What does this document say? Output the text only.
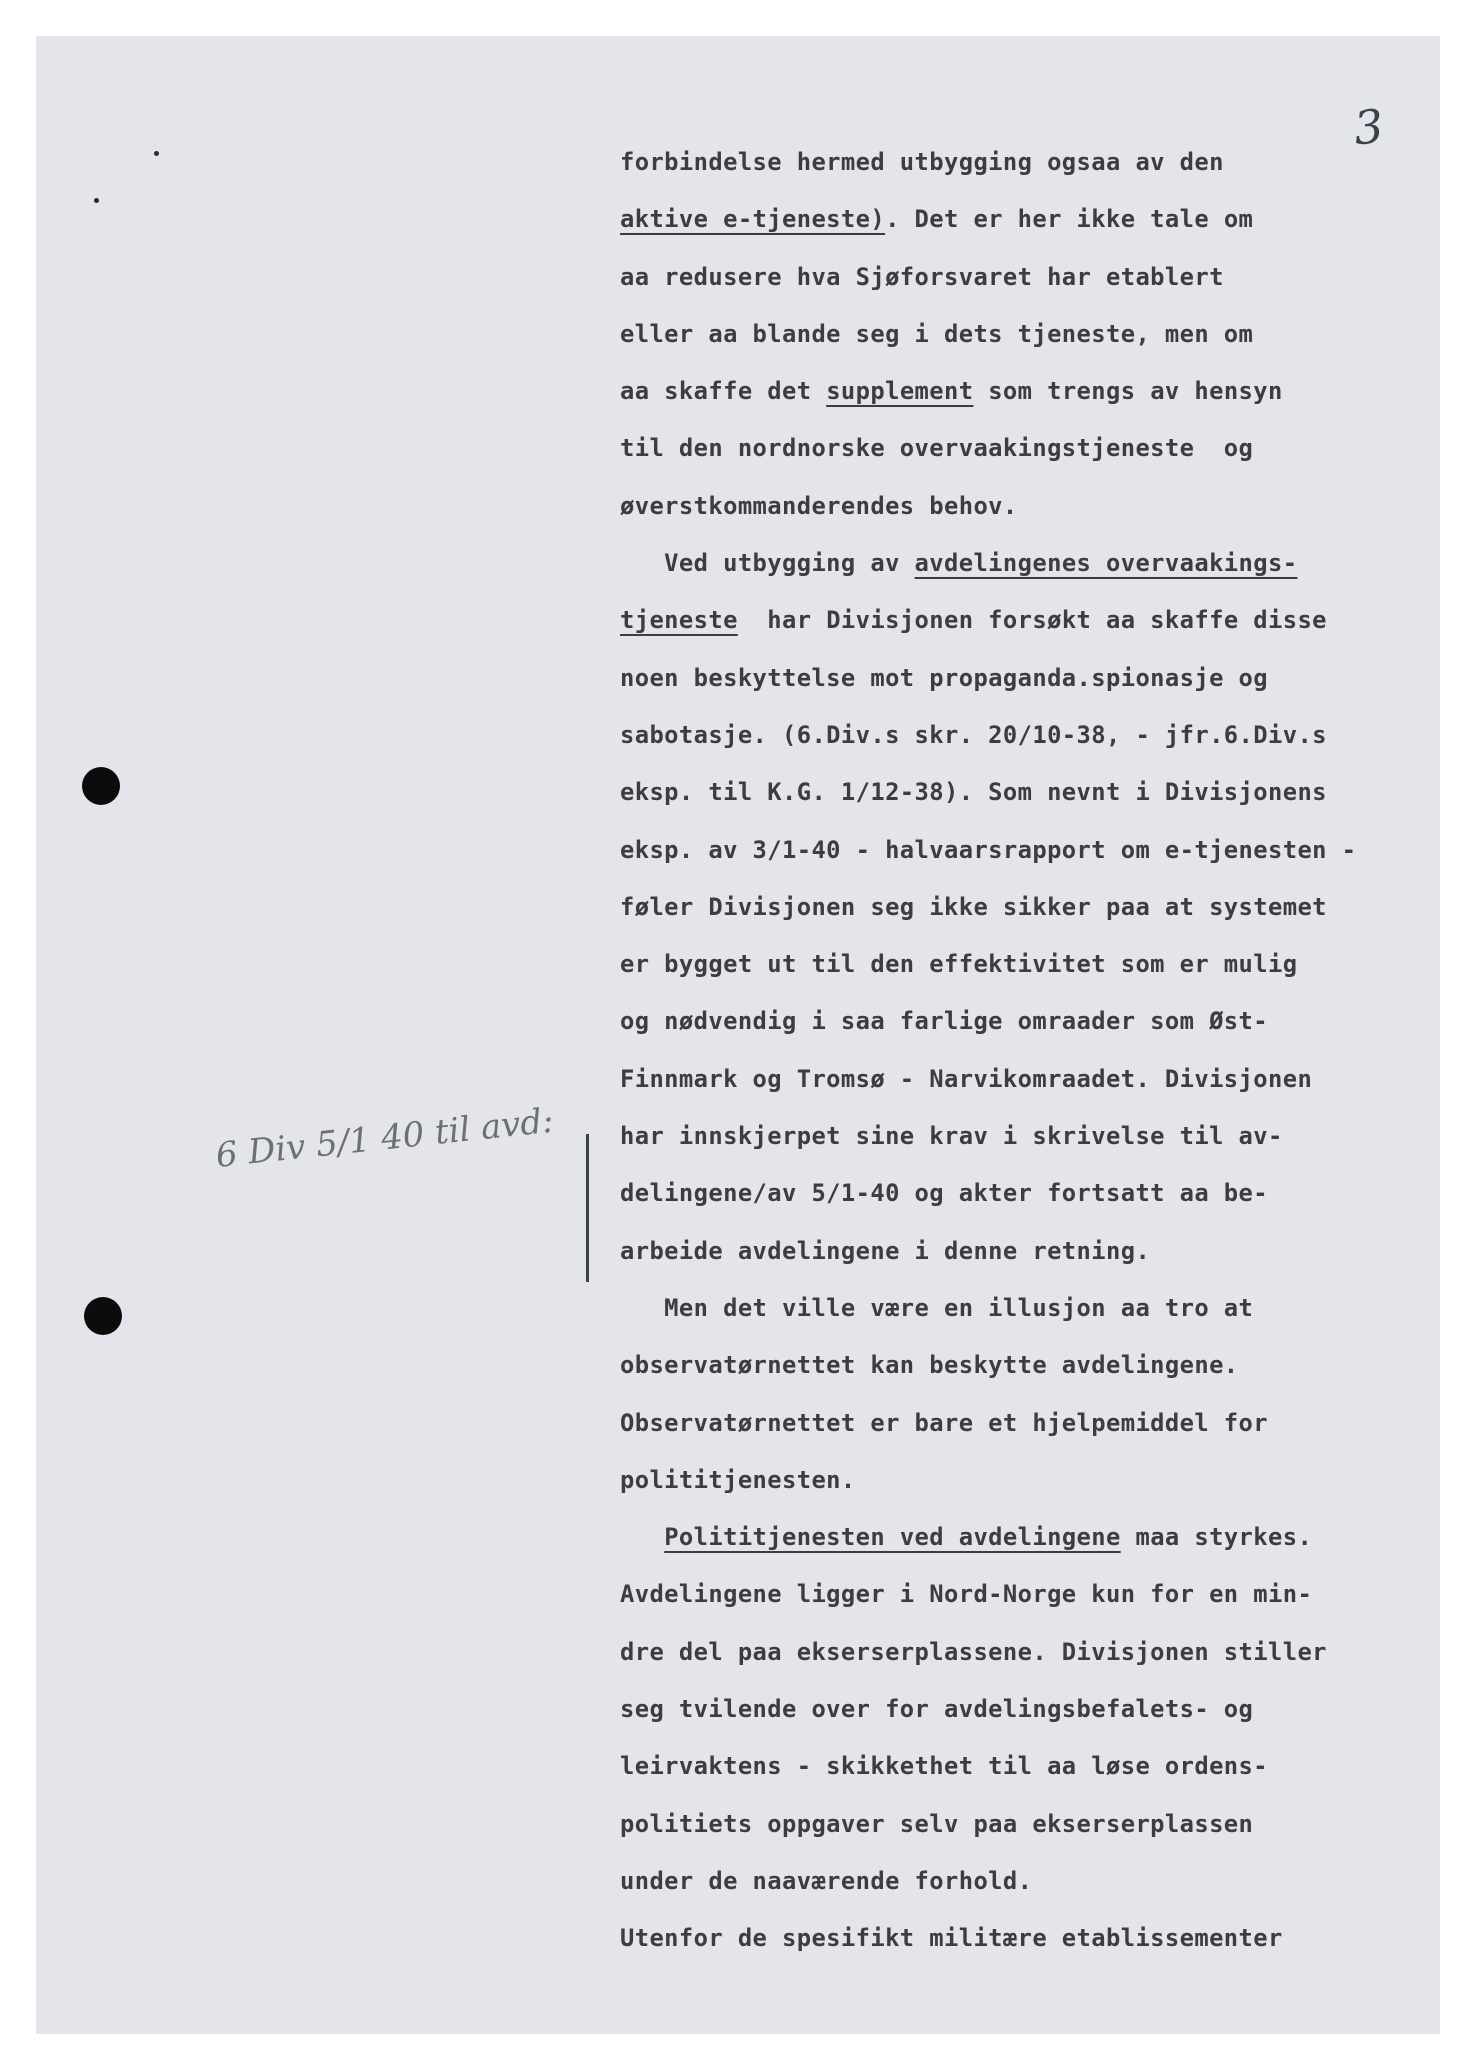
3
6 Div 5/1 40 til avd:
forbindelse hermed utbygging ogsaa av den
aktive e-tjeneste). Det er her ikke tale om
aa redusere hva Sjøforsvaret har etablert
eller aa blande seg i dets tjeneste, men om
aa skaffe det supplement som trengs av hensyn
til den nordnorske overvaakingstjeneste  og
øverstkommanderendes behov.
Ved utbygging av avdelingenes overvaakings-
tjeneste  har Divisjonen forsøkt aa skaffe disse
noen beskyttelse mot propaganda.spionasje og
sabotasje. (6.Div.s skr. 20/10-38, - jfr.6.Div.s
eksp. til K.G. 1/12-38). Som nevnt i Divisjonens
eksp. av 3/1-40 - halvaarsrapport om e-tjenesten -
føler Divisjonen seg ikke sikker paa at systemet
er bygget ut til den effektivitet som er mulig
og nødvendig i saa farlige omraader som Øst-
Finnmark og Tromsø - Narvikomraadet. Divisjonen
har innskjerpet sine krav i skrivelse til av-
delingene/av 5/1-40 og akter fortsatt aa be-
arbeide avdelingene i denne retning.
Men det ville være en illusjon aa tro at
observatørnettet kan beskytte avdelingene.
Observatørnettet er bare et hjelpemiddel for
polititjenesten.
Polititjenesten ved avdelingene maa styrkes.
Avdelingene ligger i Nord-Norge kun for en min-
dre del paa ekserserplassene. Divisjonen stiller
seg tvilende over for avdelingsbefalets- og
leirvaktens - skikkethet til aa løse ordens-
politiets oppgaver selv paa ekserserplassen
under de naaværende forhold.
Utenfor de spesifikt militære etablissementer
